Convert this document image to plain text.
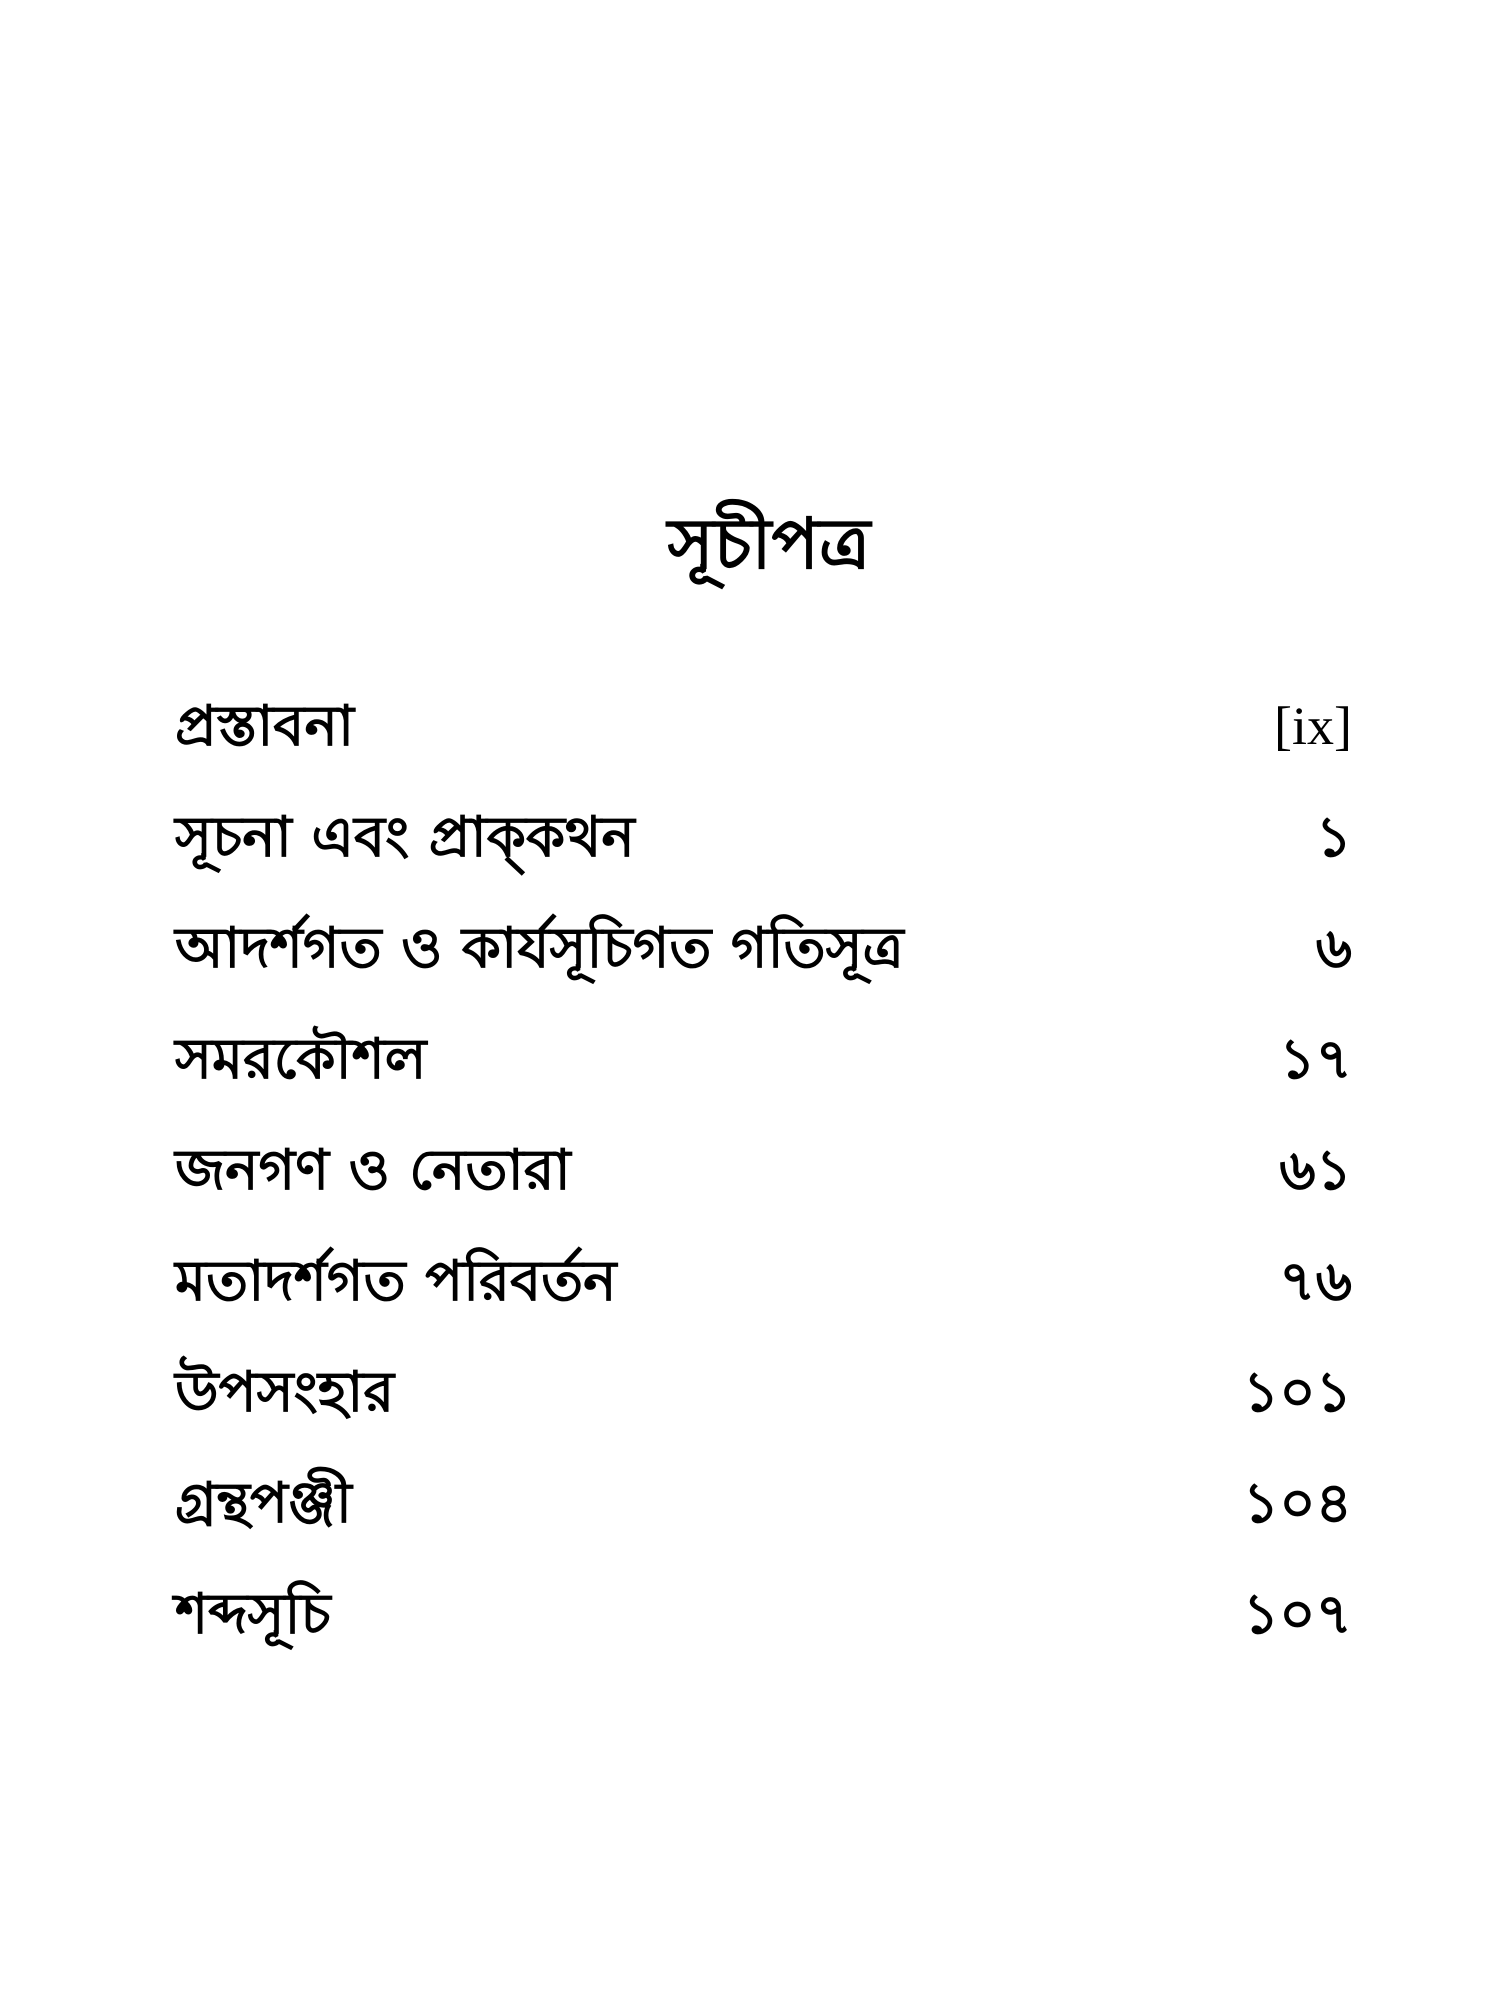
সূচীপত্র
প্রস্তাবনা	[ix]
সূচনা এবং প্রাক্‌কথন	১
আদর্শগত ও কার্যসূচিগত গতিসূত্র	৬
সমরকৌশল	১৭
জনগণ ও নেতারা	৬১
মতাদর্শগত পরিবর্তন	৭৬
উপসংহার	১০১
গ্রন্থপঞ্জী	১০৪
শব্দসূচি	১০৭
